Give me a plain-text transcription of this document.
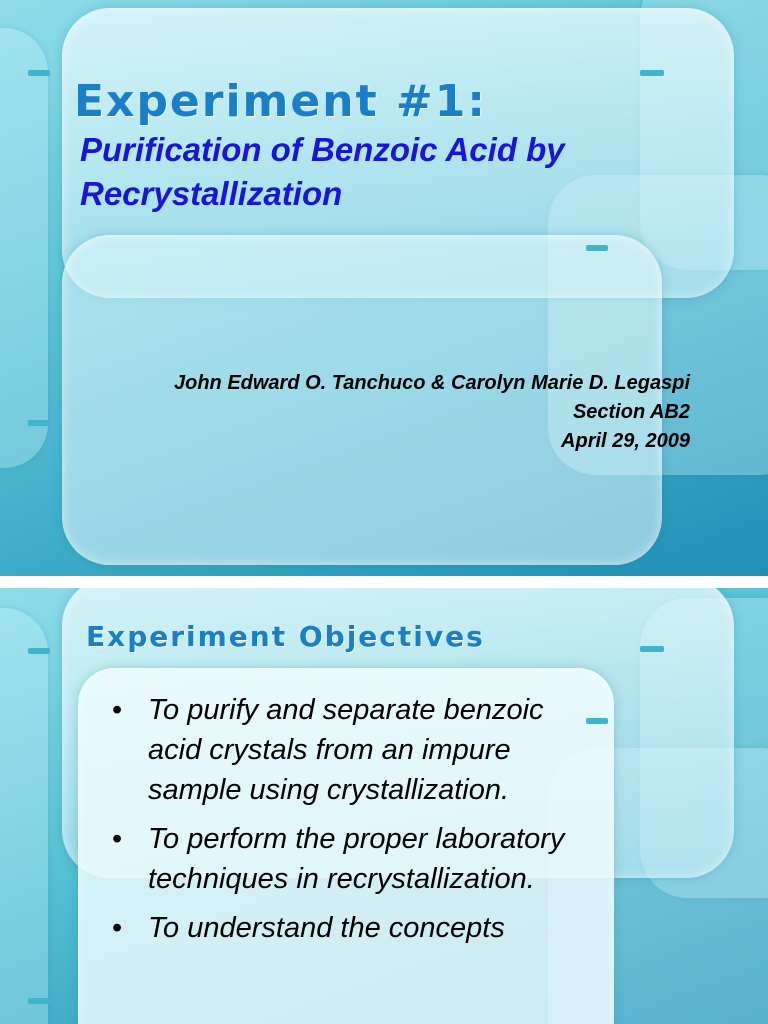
Experiment #1:
Purification of Benzoic Acid by Recrystallization
John Edward O. Tanchuco & Carolyn Marie D. Legaspi
Section AB2
April 29, 2009
Experiment Objectives
• To purify and separate benzoic acid crystals from an impure sample using crystallization.
• To perform the proper laboratory techniques in recrystallization.
• To understand the concepts
